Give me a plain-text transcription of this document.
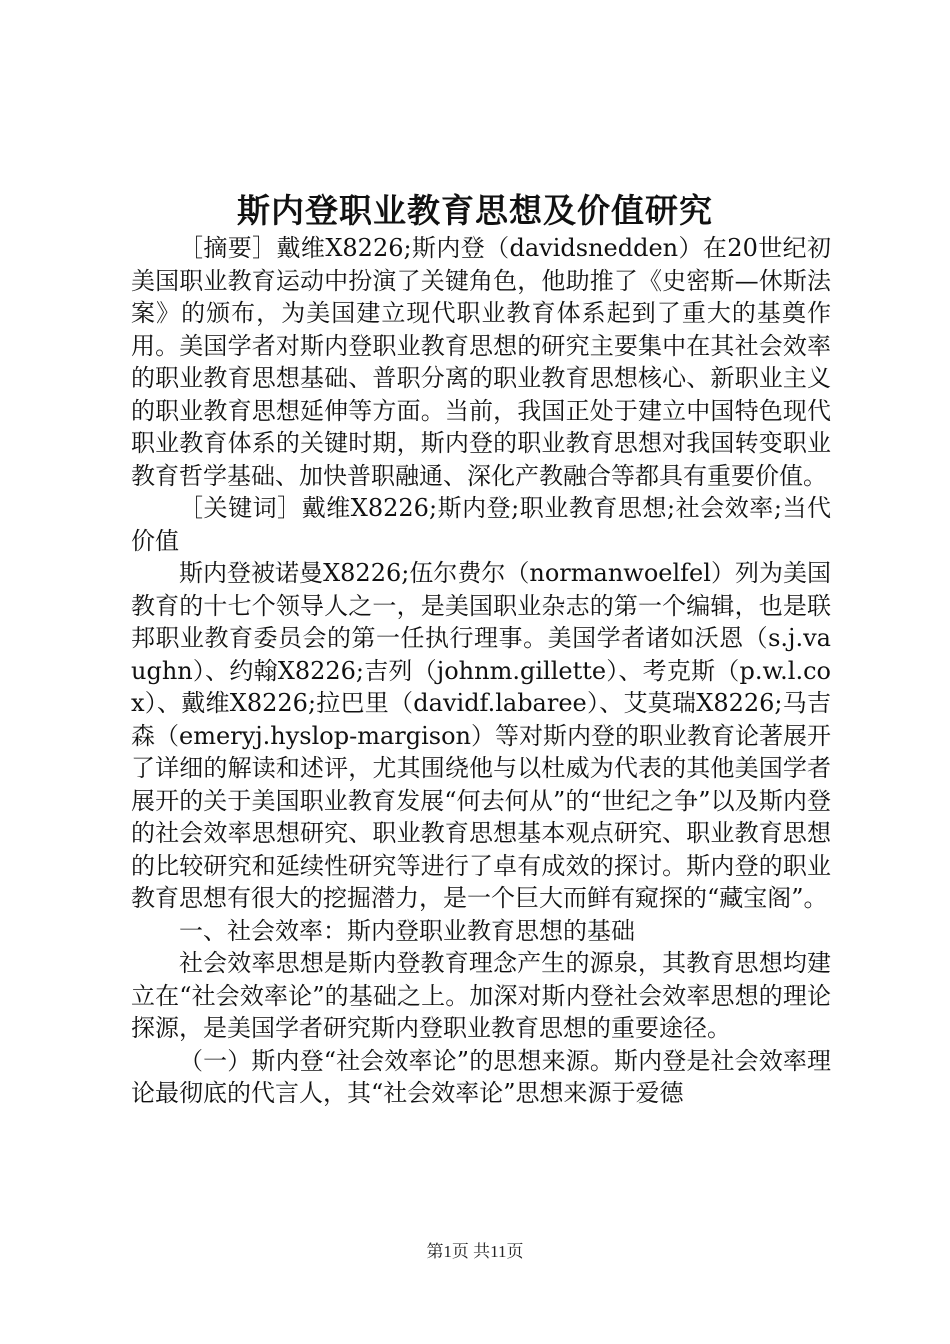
斯内登职业教育思想及价值研究

［摘要］戴维X8226;斯内登（davidsnedden）在20世纪初美国职业教育运动中扮演了关键角色，他助推了《史密斯—休斯法案》的颁布，为美国建立现代职业教育体系起到了重大的基奠作用。美国学者对斯内登职业教育思想的研究主要集中在其社会效率的职业教育思想基础、普职分离的职业教育思想核心、新职业主义的职业教育思想延伸等方面。当前，我国正处于建立中国特色现代职业教育体系的关键时期，斯内登的职业教育思想对我国转变职业教育哲学基础、加快普职融通、深化产教融合等都具有重要价值。

［关键词］戴维X8226;斯内登;职业教育思想;社会效率;当代价值

斯内登被诺曼X8226;伍尔费尔（normanwoelfel）列为美国教育的十七个领导人之一，是美国职业杂志的第一个编辑，也是联邦职业教育委员会的第一任执行理事。美国学者诸如沃恩（s.j.vaughn）、约翰X8226;吉列（johnm.gillette）、考克斯（p.w.l.cox）、戴维X8226;拉巴里（davidf.labaree）、艾莫瑞X8226;马吉森（emeryj.hyslop-margison）等对斯内登的职业教育论著展开了详细的解读和述评，尤其围绕他与以杜威为代表的其他美国学者展开的关于美国职业教育发展“何去何从”的“世纪之争”以及斯内登的社会效率思想研究、职业教育思想基本观点研究、职业教育思想的比较研究和延续性研究等进行了卓有成效的探讨。斯内登的职业教育思想有很大的挖掘潜力，是一个巨大而鲜有窥探的“藏宝阁”。

一、社会效率：斯内登职业教育思想的基础

社会效率思想是斯内登教育理念产生的源泉，其教育思想均建立在“社会效率论”的基础之上。加深对斯内登社会效率思想的理论探源，是美国学者研究斯内登职业教育思想的重要途径。

（一）斯内登“社会效率论”的思想来源。斯内登是社会效率理论最彻底的代言人，其“社会效率论”思想来源于爱德

第1页 共11页
